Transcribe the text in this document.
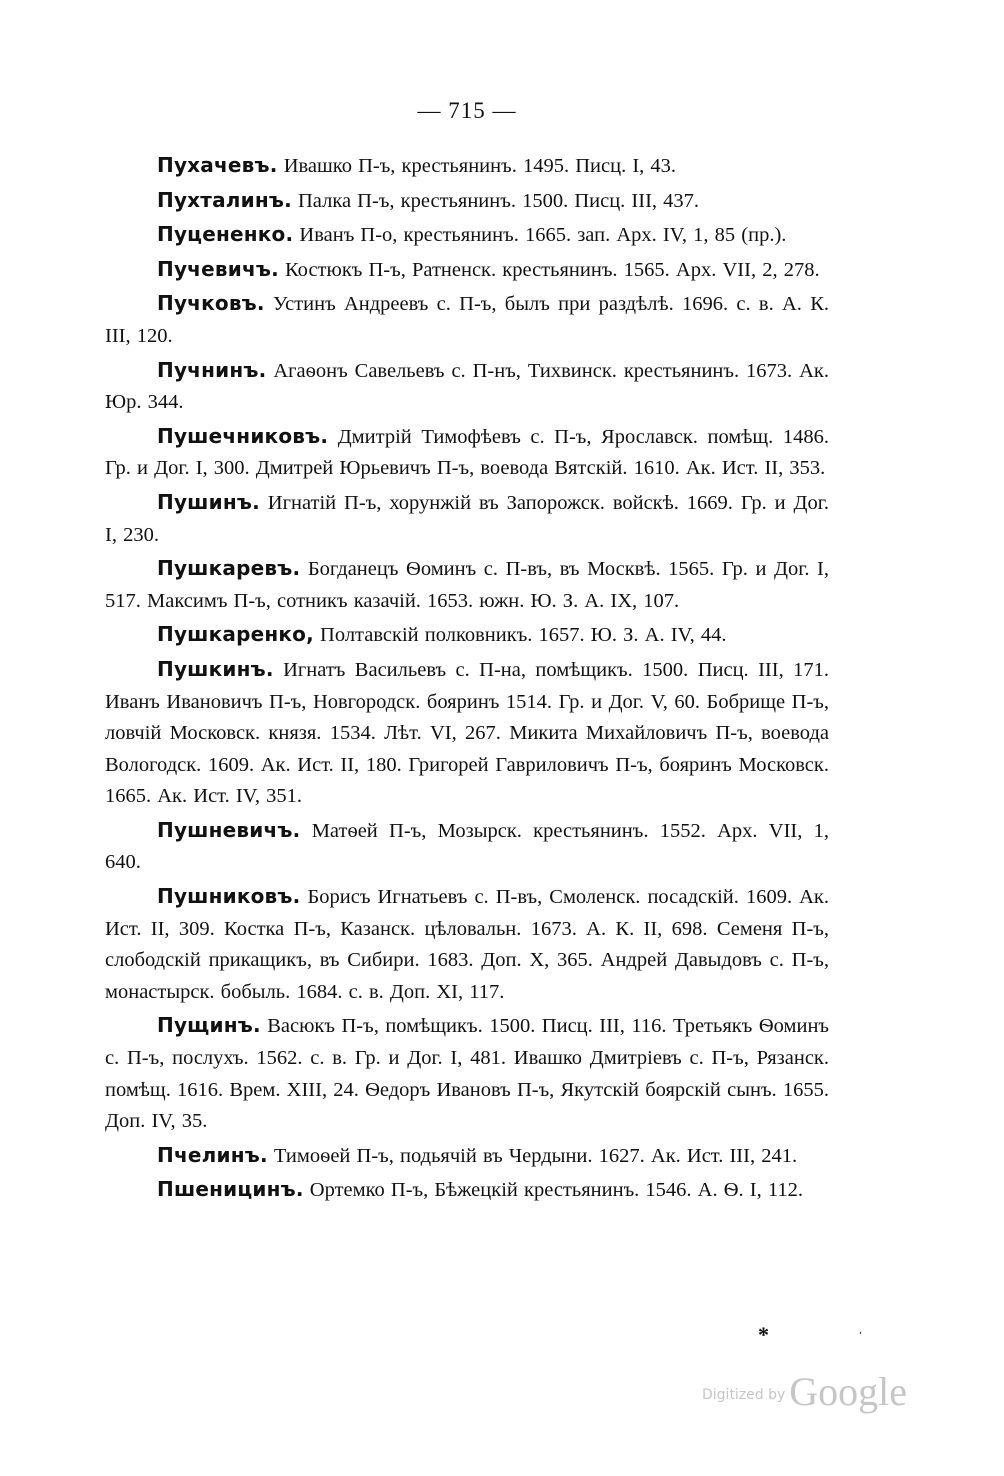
— 715 —

Пухачевъ. Ивашко П-ъ, крестьянинъ. 1495. Писц. I, 43.

Пухталинъ. Палка П-ъ, крестьянинъ. 1500. Писц. III, 437.

Пуцененко. Иванъ П-о, крестьянинъ. 1665. зап. Арх. IV, 1, 85 (пр.).

Пучевичъ. Костюкъ П-ъ, Ратненск. крестьянинъ. 1565. Арх. VII, 2, 278.

Пучковъ. Устинъ Андреевъ с. П-ъ, былъ при раздѣлѣ. 1696. с. в. А. К. III, 120.

Пучнинъ. Агаѳонъ Савельевъ с. П-нъ, Тихвинск. крестьянинъ. 1673. Ак. Юр. 344.

Пушечниковъ. Дмитрій Тимофѣевъ с. П-ъ, Ярославск. помѣщ. 1486. Гр. и Дог. I, 300. Дмитрей Юрьевичъ П-ъ, воевода Вятскій. 1610. Ак. Ист. II, 353.

Пушинъ. Игнатій П-ъ, хорунжій въ Запорожск. войскѣ. 1669. Гр. и Дог. I, 230.

Пушкаревъ. Богданецъ Ѳоминъ с. П-въ, въ Москвѣ. 1565. Гр. и Дог. I, 517. Максимъ П-ъ, сотникъ казачій. 1653. южн. Ю. З. А. IX, 107.

Пушкаренко, Полтавскій полковникъ. 1657. Ю. З. А. IV, 44.

Пушкинъ. Игнатъ Васильевъ с. П-на, помѣщикъ. 1500. Писц. III, 171. Иванъ Ивановичъ П-ъ, Новгородск. бояринъ 1514. Гр. и Дог. V, 60. Бобрище П-ъ, ловчій Московск. князя. 1534. Лѣт. VI, 267. Микита Михайловичъ П-ъ, воевода Вологодск. 1609. Ак. Ист. II, 180. Григорей Гавриловичъ П-ъ, бояринъ Московск. 1665. Ак. Ист. IV, 351.

Пушневичъ. Матѳей П-ъ, Мозырск. крестьянинъ. 1552. Арх. VII, 1, 640.

Пушниковъ. Борисъ Игнатьевъ с. П-въ, Смоленск. посадскій. 1609. Ак. Ист. II, 309. Костка П-ъ, Казанск. цѣловальн. 1673. А. К. II, 698. Семеня П-ъ, слободскій прикащикъ, въ Сибири. 1683. Доп. X, 365. Андрей Давыдовъ с. П-ъ, монастырск. бобыль. 1684. с. в. Доп. XI, 117.

Пущинъ. Васюкъ П-ъ, помѣщикъ. 1500. Писц. III, 116. Третьякъ Ѳоминъ с. П-ъ, послухъ. 1562. с. в. Гр. и Дог. I, 481. Ивашко Дмитріевъ с. П-ъ, Рязанск. помѣщ. 1616. Врем. XIII, 24. Ѳедоръ Ивановъ П-ъ, Якутскій боярскій сынъ. 1655. Доп. IV, 35.

Пчелинъ. Тимоѳей П-ъ, подьячій въ Чердыни. 1627. Ак. Ист. III, 241.

Пшеницинъ. Ортемко П-ъ, Бѣжецкій крестьянинъ. 1546. А. Ѳ. I, 112.

*	ˌ
Digitized by Google
